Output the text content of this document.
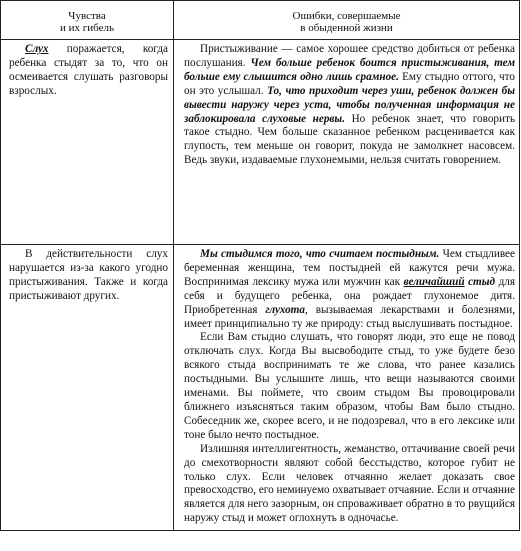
Чувства
и их гибель	Ошибки, совершаемые
в обыденной жизни

Слух поражается, когда ребенка стыдят за то, что он осмеивается слушать разговоры взрослых.	Пристыживание — самое хорошее средство добиться от ребенка послушания. Чем больше ребенок боится пристыживания, тем больше ему слышится одно лишь срамное. Ему стыдно оттого, что он это услышал. То, что приходит через уши, ребенок должен бы вывести наружу через уста, чтобы полученная информация не заблокировала слуховые нервы. Но ребенок знает, что говорить такое стыдно. Чем больше сказанное ребенком расценивается как глупость, тем меньше он говорит, покуда не замолкнет насовсем. Ведь звуки, издаваемые глухонемыми, нельзя считать говорением.

В действительности слух нарушается из-за какого угодно пристыживания. Также и когда пристыживают других.	Мы стыдимся того, что считаем постыдным. Чем стыдливее беременная женщина, тем постыдней ей кажутся речи мужа. Воспринимая лексику мужа или мужчин как величайший стыд для себя и будущего ребенка, она рождает глухонемое дитя. Приобретенная глухота, вызываемая лекарствами и болезнями, имеет принципиально ту же природу: стыд выслушивать постыдное.

Если Вам стыдно слушать, что говорят люди, это еще не повод отключать слух. Когда Вы высвободите стыд, то уже будете безо всякого стыда воспринимать те же слова, что ранее казались постыдными. Вы услышите лишь, что вещи называются своими именами. Вы поймете, что своим стыдом Вы провоцировали ближнего изъясняться таким образом, чтобы Вам было стыдно. Собеседник же, скорее всего, и не подозревал, что в его лексике или тоне было нечто постыдное.

Излишняя интеллигентность, жеманство, оттачивание своей речи до смехотворности являют собой бесстыдство, которое губит не только слух. Если человек отчаянно желает доказать свое превосходство, его неминуемо охватывает отчаяние. Если и отчаяние является для него зазорным, он спроваживает обратно в то рвущийся наружу стыд и может оглохнуть в одночасье.
